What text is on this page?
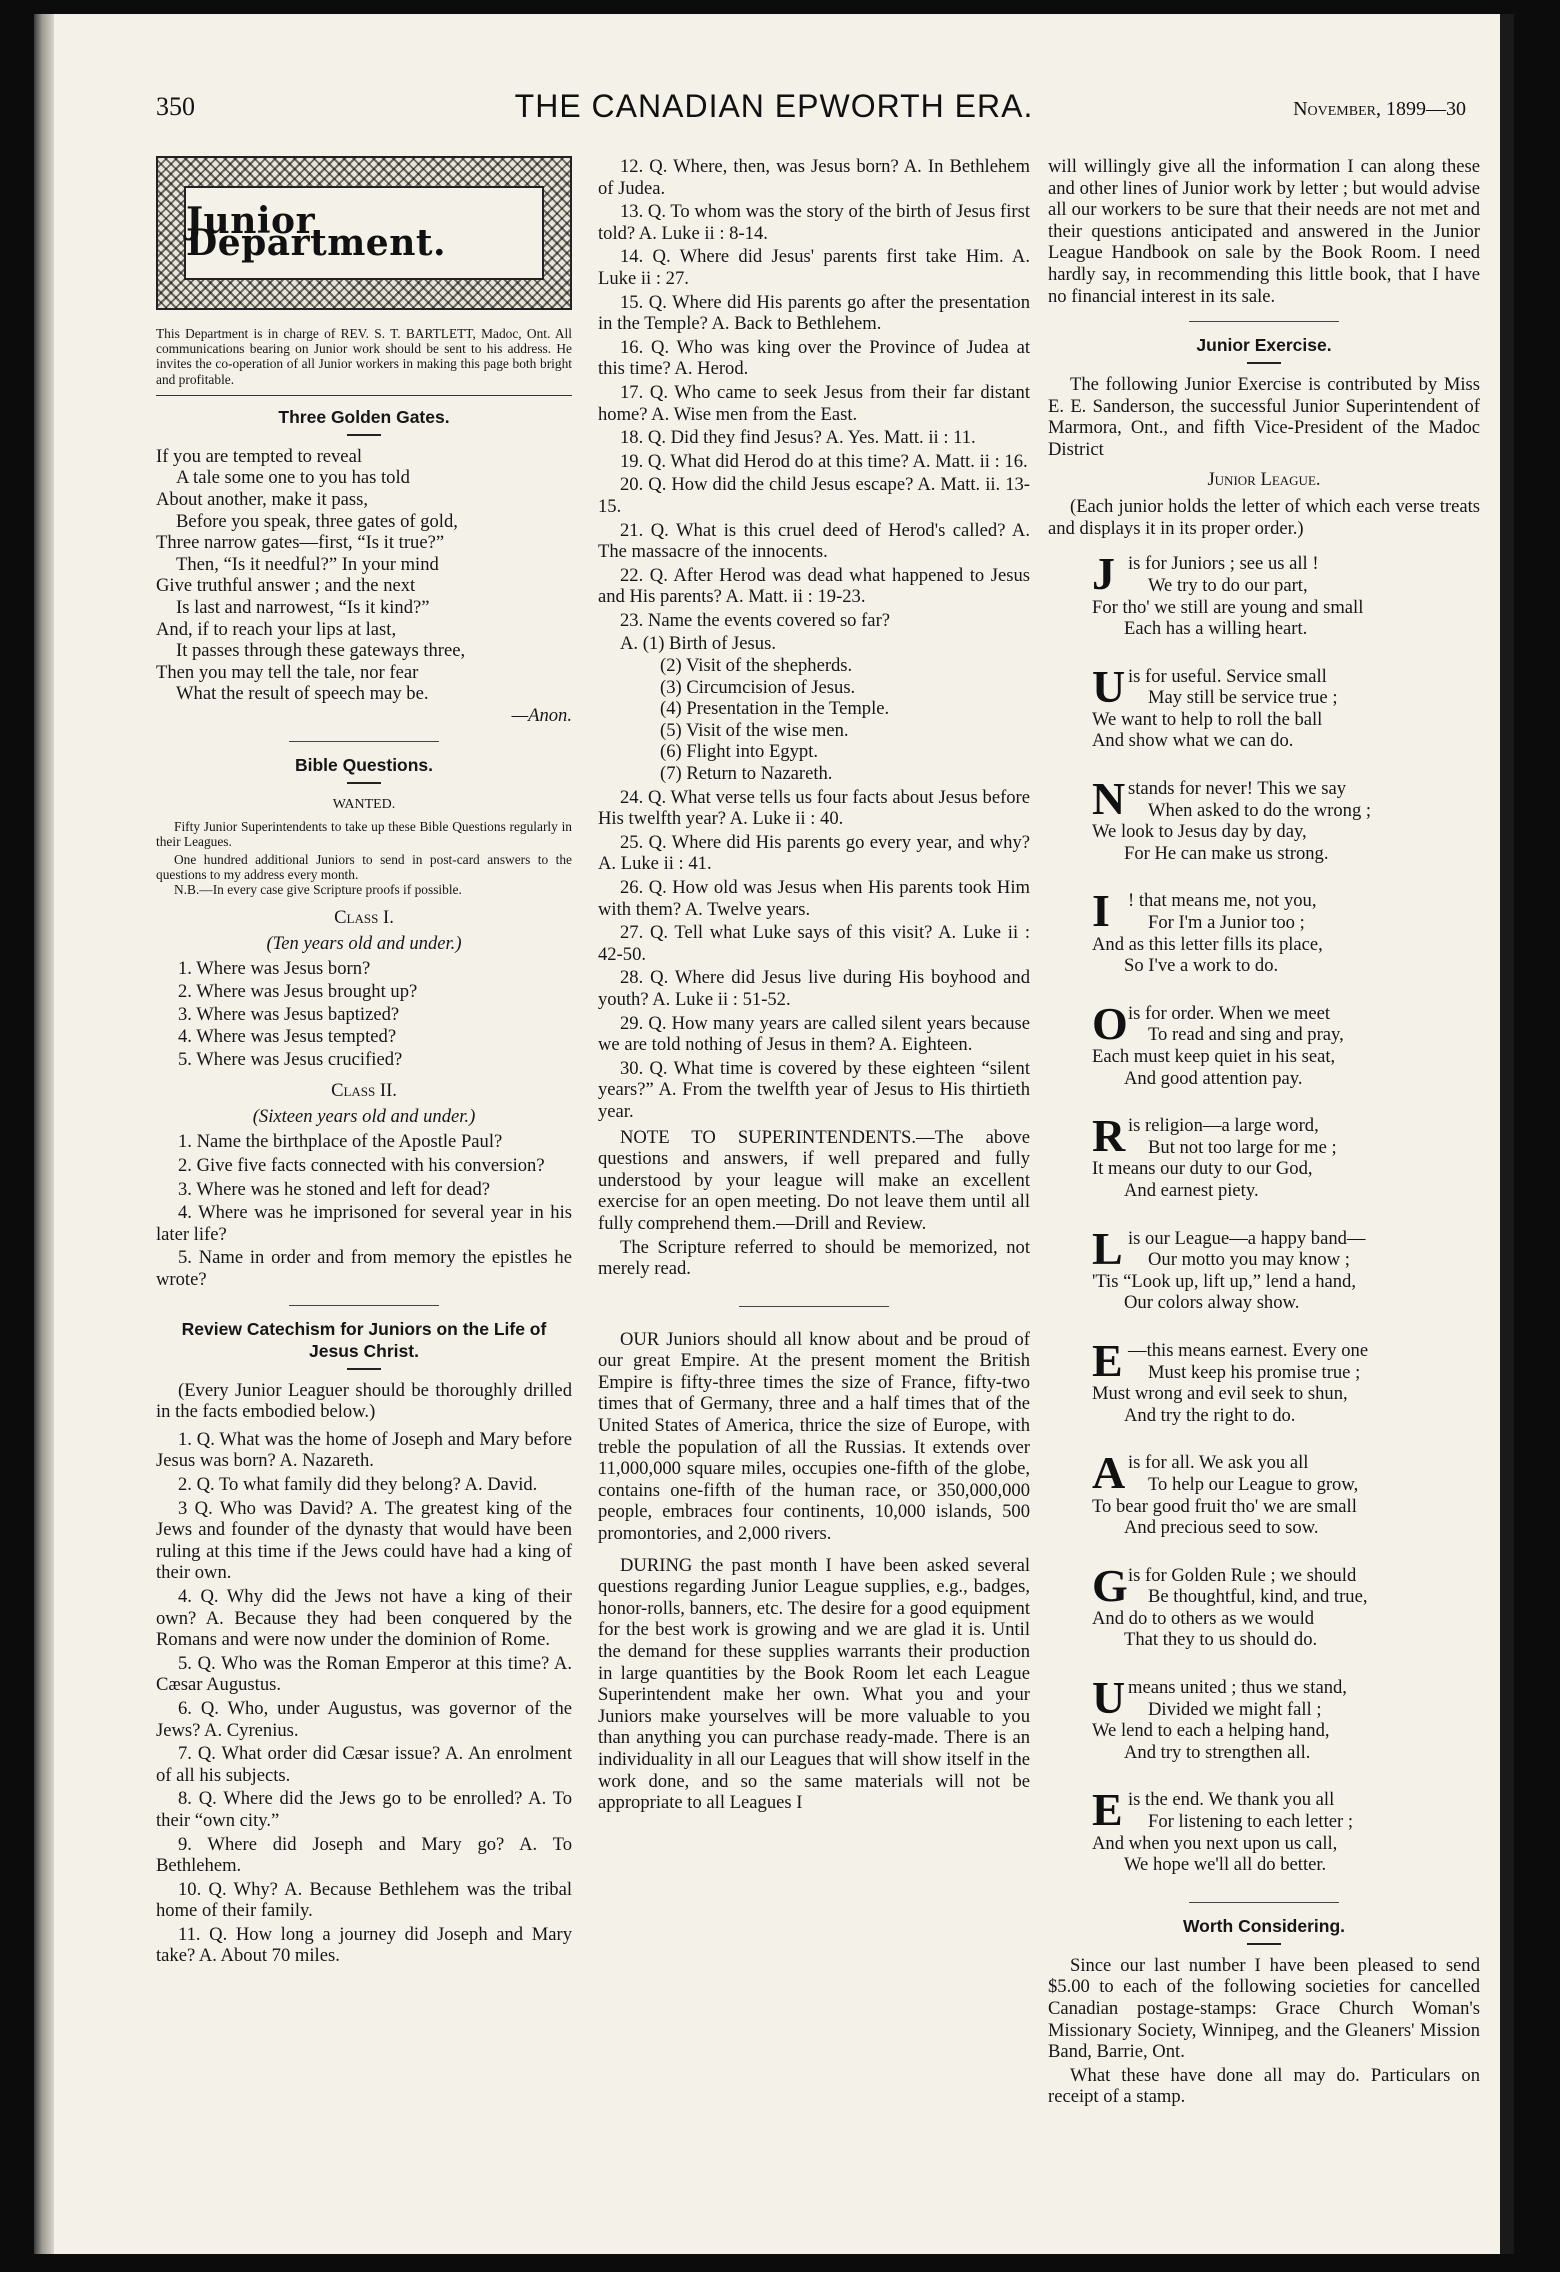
350	THE CANADIAN EPWORTH ERA.	November, 1899—30
Junior Department.

This Department is in charge of REV. S. T. BARTLETT, Madoc, Ont. All communications bearing on Junior work should be sent to his address. He invites the co-operation of all Junior workers in making this page both bright and profitable.

Three Golden Gates.

If you are tempted to reveal

A tale some one to you has told

About another, make it pass,

Before you speak, three gates of gold,

Three narrow gates—first, “Is it true?”

Then, “Is it needful?” In your mind

Give truthful answer ; and the next

Is last and narrowest, “Is it kind?”

And, if to reach your lips at last,

It passes through these gateways three,

Then you may tell the tale, nor fear

What the result of speech may be.

—Anon.

Bible Questions.

WANTED.

Fifty Junior Superintendents to take up these Bible Questions regularly in their Leagues.

One hundred additional Juniors to send in post-card answers to the questions to my address every month.

N.B.—In every case give Scripture proofs if possible.

Class I.

(Ten years old and under.)

1. Where was Jesus born?

2. Where was Jesus brought up?

3. Where was Jesus baptized?

4. Where was Jesus tempted?

5. Where was Jesus crucified?

Class II.

(Sixteen years old and under.)

1. Name the birthplace of the Apostle Paul?

2. Give five facts connected with his conversion?

3. Where was he stoned and left for dead?

4. Where was he imprisoned for several year in his later life?

5. Name in order and from memory the epistles he wrote?

Review Catechism for Juniors on the Life of Jesus Christ.

(Every Junior Leaguer should be thoroughly drilled in the facts embodied below.)

1. Q. What was the home of Joseph and Mary before Jesus was born? A. Nazareth.

2. Q. To what family did they belong? A. David.

3 Q. Who was David? A. The greatest king of the Jews and founder of the dynasty that would have been ruling at this time if the Jews could have had a king of their own.

4. Q. Why did the Jews not have a king of their own? A. Because they had been conquered by the Romans and were now under the dominion of Rome.

5. Q. Who was the Roman Emperor at this time? A. Cæsar Augustus.

6. Q. Who, under Augustus, was governor of the Jews? A. Cyrenius.

7. Q. What order did Cæsar issue? A. An enrolment of all his subjects.

8. Q. Where did the Jews go to be enrolled? A. To their “own city.”

9. Where did Joseph and Mary go? A. To Bethlehem.

10. Q. Why? A. Because Bethlehem was the tribal home of their family.

11. Q. How long a journey did Joseph and Mary take? A. About 70 miles.

12. Q. Where, then, was Jesus born? A. In Bethlehem of Judea.

13. Q. To whom was the story of the birth of Jesus first told? A. Luke ii : 8-14.

14. Q. Where did Jesus' parents first take Him. A. Luke ii : 27.

15. Q. Where did His parents go after the presentation in the Temple? A. Back to Bethlehem.

16. Q. Who was king over the Province of Judea at this time? A. Herod.

17. Q. Who came to seek Jesus from their far distant home? A. Wise men from the East.

18. Q. Did they find Jesus? A. Yes. Matt. ii : 11.

19. Q. What did Herod do at this time? A. Matt. ii : 16.

20. Q. How did the child Jesus escape? A. Matt. ii. 13-15.

21. Q. What is this cruel deed of Herod's called? A. The massacre of the innocents.

22. Q. After Herod was dead what happened to Jesus and His parents? A. Matt. ii : 19-23.

23. Name the events covered so far?

A. (1) Birth of Jesus.

(2) Visit of the shepherds.

(3) Circumcision of Jesus.

(4) Presentation in the Temple.

(5) Visit of the wise men.

(6) Flight into Egypt.

(7) Return to Nazareth.

24. Q. What verse tells us four facts about Jesus before His twelfth year? A. Luke ii : 40.

25. Q. Where did His parents go every year, and why? A. Luke ii : 41.

26. Q. How old was Jesus when His parents took Him with them? A. Twelve years.

27. Q. Tell what Luke says of this visit? A. Luke ii : 42-50.

28. Q. Where did Jesus live during His boyhood and youth? A. Luke ii : 51-52.

29. Q. How many years are called silent years because we are told nothing of Jesus in them? A. Eighteen.

30. Q. What time is covered by these eighteen “silent years?” A. From the twelfth year of Jesus to His thirtieth year.

NOTE TO SUPERINTENDENTS.—The above questions and answers, if well prepared and fully understood by your league will make an excellent exercise for an open meeting. Do not leave them until all fully comprehend them.—Drill and Review.

The Scripture referred to should be memorized, not merely read.

OUR Juniors should all know about and be proud of our great Empire. At the present moment the British Empire is fifty-three times the size of France, fifty-two times that of Germany, three and a half times that of the United States of America, thrice the size of Europe, with treble the population of all the Russias. It extends over 11,000,000 square miles, occupies one-fifth of the globe, contains one-fifth of the human race, or 350,000,000 people, embraces four continents, 10,000 islands, 500 promontories, and 2,000 rivers.

DURING the past month I have been asked several questions regarding Junior League supplies, e.g., badges, honor-rolls, banners, etc. The desire for a good equipment for the best work is growing and we are glad it is. Until the demand for these supplies warrants their production in large quantities by the Book Room let each League Superintendent make her own. What you and your Juniors make yourselves will be more valuable to you than anything you can purchase ready-made. There is an individuality in all our Leagues that will show itself in the work done, and so the same materials will not be appropriate to all Leagues I

will willingly give all the information I can along these and other lines of Junior work by letter ; but would advise all our workers to be sure that their needs are not met and their questions anticipated and answered in the Junior League Handbook on sale by the Book Room. I need hardly say, in recommending this little book, that I have no financial interest in its sale.

Junior Exercise.

The following Junior Exercise is contributed by Miss E. E. Sanderson, the successful Junior Superintendent of Marmora, Ont., and fifth Vice-President of the Madoc District

Junior League.

(Each junior holds the letter of which each verse treats and displays it in its proper order.)

J is for Juniors ; see us all !

We try to do our part,

For tho' we still are young and small

Each has a willing heart.

U is for useful. Service small

May still be service true ;

We want to help to roll the ball

And show what we can do.

N stands for never! This we say

When asked to do the wrong ;

We look to Jesus day by day,

For He can make us strong.

I ! that means me, not you,

For I'm a Junior too ;

And as this letter fills its place,

So I've a work to do.

O is for order. When we meet

To read and sing and pray,

Each must keep quiet in his seat,

And good attention pay.

R is religion—a large word,

But not too large for me ;

It means our duty to our God,

And earnest piety.

L is our League—a happy band—

Our motto you may know ;

'Tis “Look up, lift up,” lend a hand,

Our colors alway show.

E —this means earnest. Every one

Must keep his promise true ;

Must wrong and evil seek to shun,

And try the right to do.

A is for all. We ask you all

To help our League to grow,

To bear good fruit tho' we are small

And precious seed to sow.

G is for Golden Rule ; we should

Be thoughtful, kind, and true,

And do to others as we would

That they to us should do.

U means united ; thus we stand,

Divided we might fall ;

We lend to each a helping hand,

And try to strengthen all.

E is the end. We thank you all

For listening to each letter ;

And when you next upon us call,

We hope we'll all do better.

Worth Considering.

Since our last number I have been pleased to send $5.00 to each of the following societies for cancelled Canadian postage-stamps: Grace Church Woman's Missionary Society, Winnipeg, and the Gleaners' Mission Band, Barrie, Ont.

What these have done all may do. Particulars on receipt of a stamp.
